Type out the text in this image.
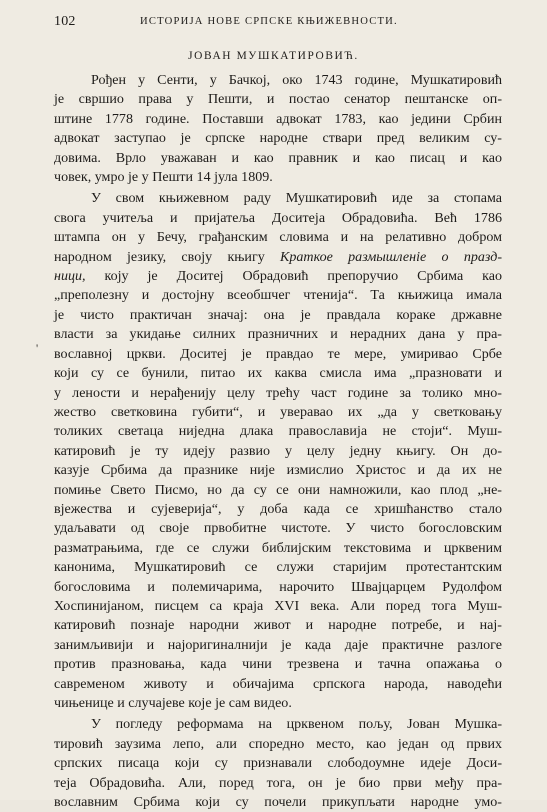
102	ИСТОРИЈА НОВЕ СРПСКЕ КЊИЖЕВНОСТИ.
ЈОВАН МУШКАТИРОВИЋ.
'
Рођен у Сенти, у Бачкој, око 1743 године, Мушкатировић
је свршио права у Пешти, и постао сенатор пештанске оп-
штине 1778 године. Поставши адвокат 1783, као једини Србин
адвокат заступао је српске народне ствари пред великим су-
довима. Врло уважаван и као правник и као писац и као
човек, умро је у Пешти 14 јула 1809.
У свом књижевном раду Мушкатировић иде за стопама
свога учитеља и пријатеља Доситеја Обрадовића. Већ 1786
штампа он у Бечу, грађанским словима и на релативно добром
народном језику, своју књигу Краткое размышленіе о празд-
ници, коју је Доситеј Обрадовић препоручио Србима као
„преполезну и достојну всеобшчег чтенија“. Та књижица имала
је чисто практичан значај: она је правдала кораке државне
власти за укидање силних празничних и нерадних дана у пра-
вославној цркви. Доситеј је правдао те мере, умиривао Србе
који су се бунили, питао их каква смисла има „празновати и
у лености и нерађенију целу трећу част године за толико мно-
жество светковина губити“, и уверавао их „да у светковању
толиких светаца ниједна длака православија не стоји“. Муш-
катировић је ту идеју развио у целу једну књигу. Он до-
казује Србима да празнике није измислио Христос и да их не
помиње Свето Писмо, но да су се они намножили, као плод „не-
вјежества и сујеверија“, у доба када се хришћанство стало
удаљавати од своје првобитне чистоте. У чисто богословским
разматрањима, где се служи библијским текстовима и црквеним
канонима, Мушкатировић се служи старијим протестантским
богословима и полемичарима, нарочито Швајцарцем Рудолфом
Хоспинијаном, писцем са краја XVI века. Али поред тога Муш-
катировић познаје народни живот и народне потребе, и нај-
занимљивији и најоригиналнији је када даје практичне разлоге
против празновања, када чини трезвена и тачна опажања о
савременом животу и обичајима српскога народа, наводећи
чињенице и случајеве које је сам видео.
У погледу реформама на црквеном пољу, Јован Мушка-
тировић заузима лепо, али споредно место, као један од првих
српских писаца који су признавали слободоумне идеје Доси-
теја Обрадовића. Али, поред тога, он је био први међу пра-
вославним Србима који су почели прикупљати народне умо-
